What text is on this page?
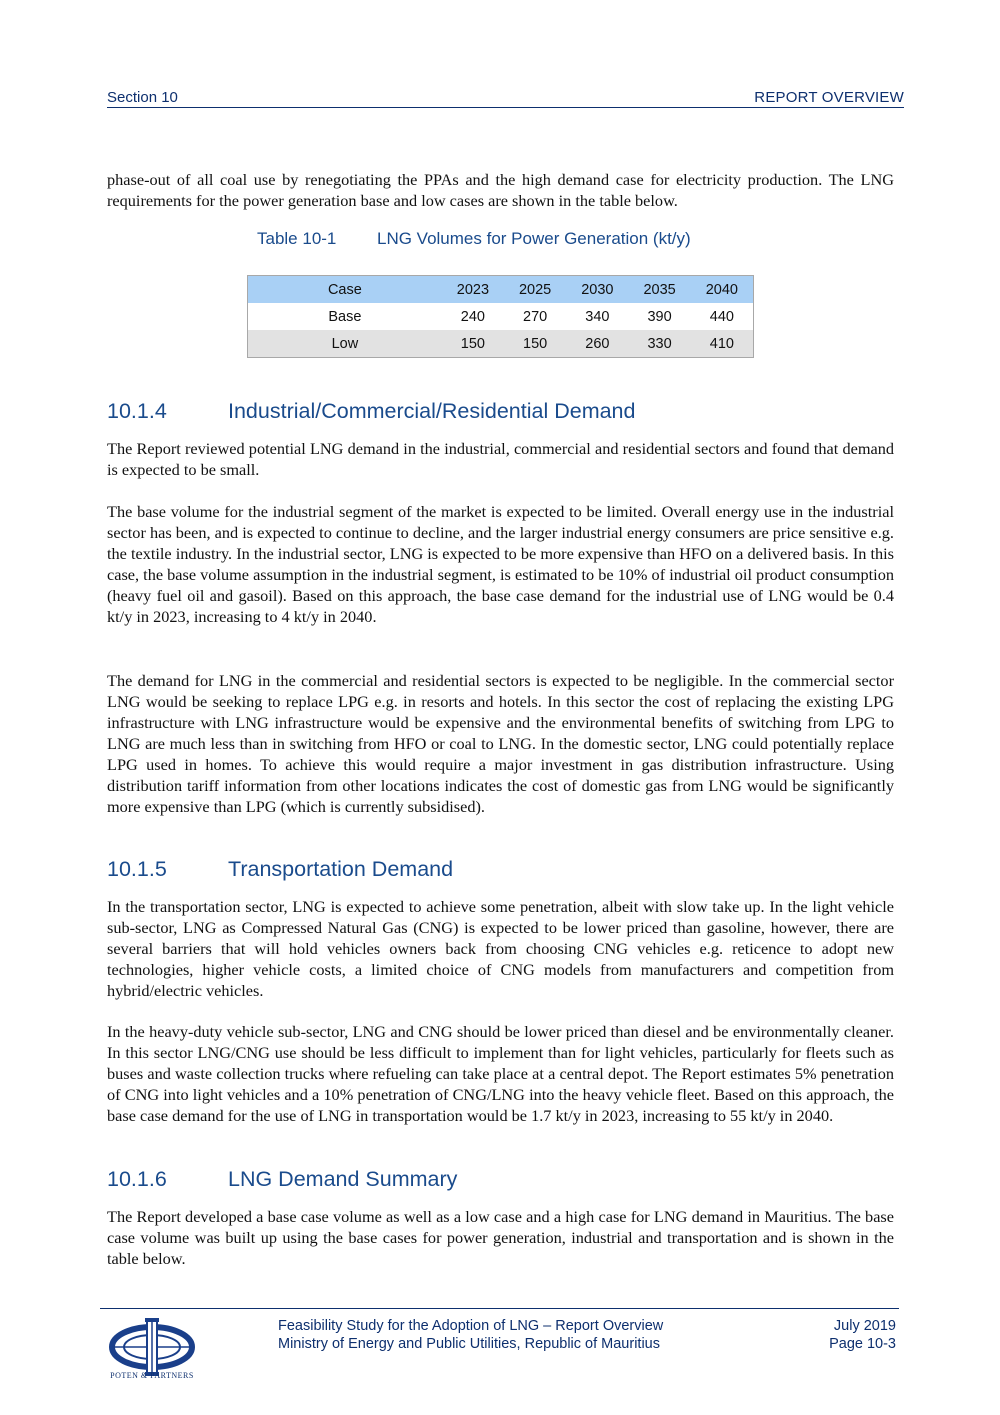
Section 10	REPORT OVERVIEW

phase-out of all coal use by renegotiating the PPAs and the high demand case for electricity production. The LNG requirements for the power generation base and low cases are shown in the table below.

Table 10-1 LNG Volumes for Power Generation (kt/y)
Case	2023	2025	2030	2035	2040
Base	240	270	340	390	440
Low	150	150	260	330	410
10.1.4	Industrial/Commercial/Residential Demand

The Report reviewed potential LNG demand in the industrial, commercial and residential sectors and found that demand is expected to be small.

The base volume for the industrial segment of the market is expected to be limited. Overall energy use in the industrial sector has been, and is expected to continue to decline, and the larger industrial energy consumers are price sensitive e.g. the textile industry. In the industrial sector, LNG is expected to be more expensive than HFO on a delivered basis. In this case, the base volume assumption in the industrial segment, is estimated to be 10% of industrial oil product consumption (heavy fuel oil and gasoil). Based on this approach, the base case demand for the industrial use of LNG would be 0.4 kt/y in 2023, increasing to 4 kt/y in 2040.

The demand for LNG in the commercial and residential sectors is expected to be negligible. In the commercial sector LNG would be seeking to replace LPG e.g. in resorts and hotels. In this sector the cost of replacing the existing LPG infrastructure with LNG infrastructure would be expensive and the environmental benefits of switching from LPG to LNG are much less than in switching from HFO or coal to LNG. In the domestic sector, LNG could potentially replace LPG used in homes. To achieve this would require a major investment in gas distribution infrastructure. Using distribution tariff information from other locations indicates the cost of domestic gas from LNG would be significantly more expensive than LPG (which is currently subsidised).

10.1.5	Transportation Demand

In the transportation sector, LNG is expected to achieve some penetration, albeit with slow take up. In the light vehicle sub-sector, LNG as Compressed Natural Gas (CNG) is expected to be lower priced than gasoline, however, there are several barriers that will hold vehicles owners back from choosing CNG vehicles e.g. reticence to adopt new technologies, higher vehicle costs, a limited choice of CNG models from manufacturers and competition from hybrid/electric vehicles.

In the heavy-duty vehicle sub-sector, LNG and CNG should be lower priced than diesel and be environmentally cleaner. In this sector LNG/CNG use should be less difficult to implement than for light vehicles, particularly for fleets such as buses and waste collection trucks where refueling can take place at a central depot. The Report estimates 5% penetration of CNG into light vehicles and a 10% penetration of CNG/LNG into the heavy vehicle fleet. Based on this approach, the base case demand for the use of LNG in transportation would be 1.7 kt/y in 2023, increasing to 55 kt/y in 2040.

10.1.6	LNG Demand Summary

The Report developed a base case volume as well as a low case and a high case for LNG demand in Mauritius. The base case volume was built up using the base cases for power generation, industrial and transportation and is shown in the table below.

POTEN & PARTNERS
Feasibility Study for the Adoption of LNG – Report Overview
Ministry of Energy and Public Utilities, Republic of Mauritius
July 2019
Page 10-3
